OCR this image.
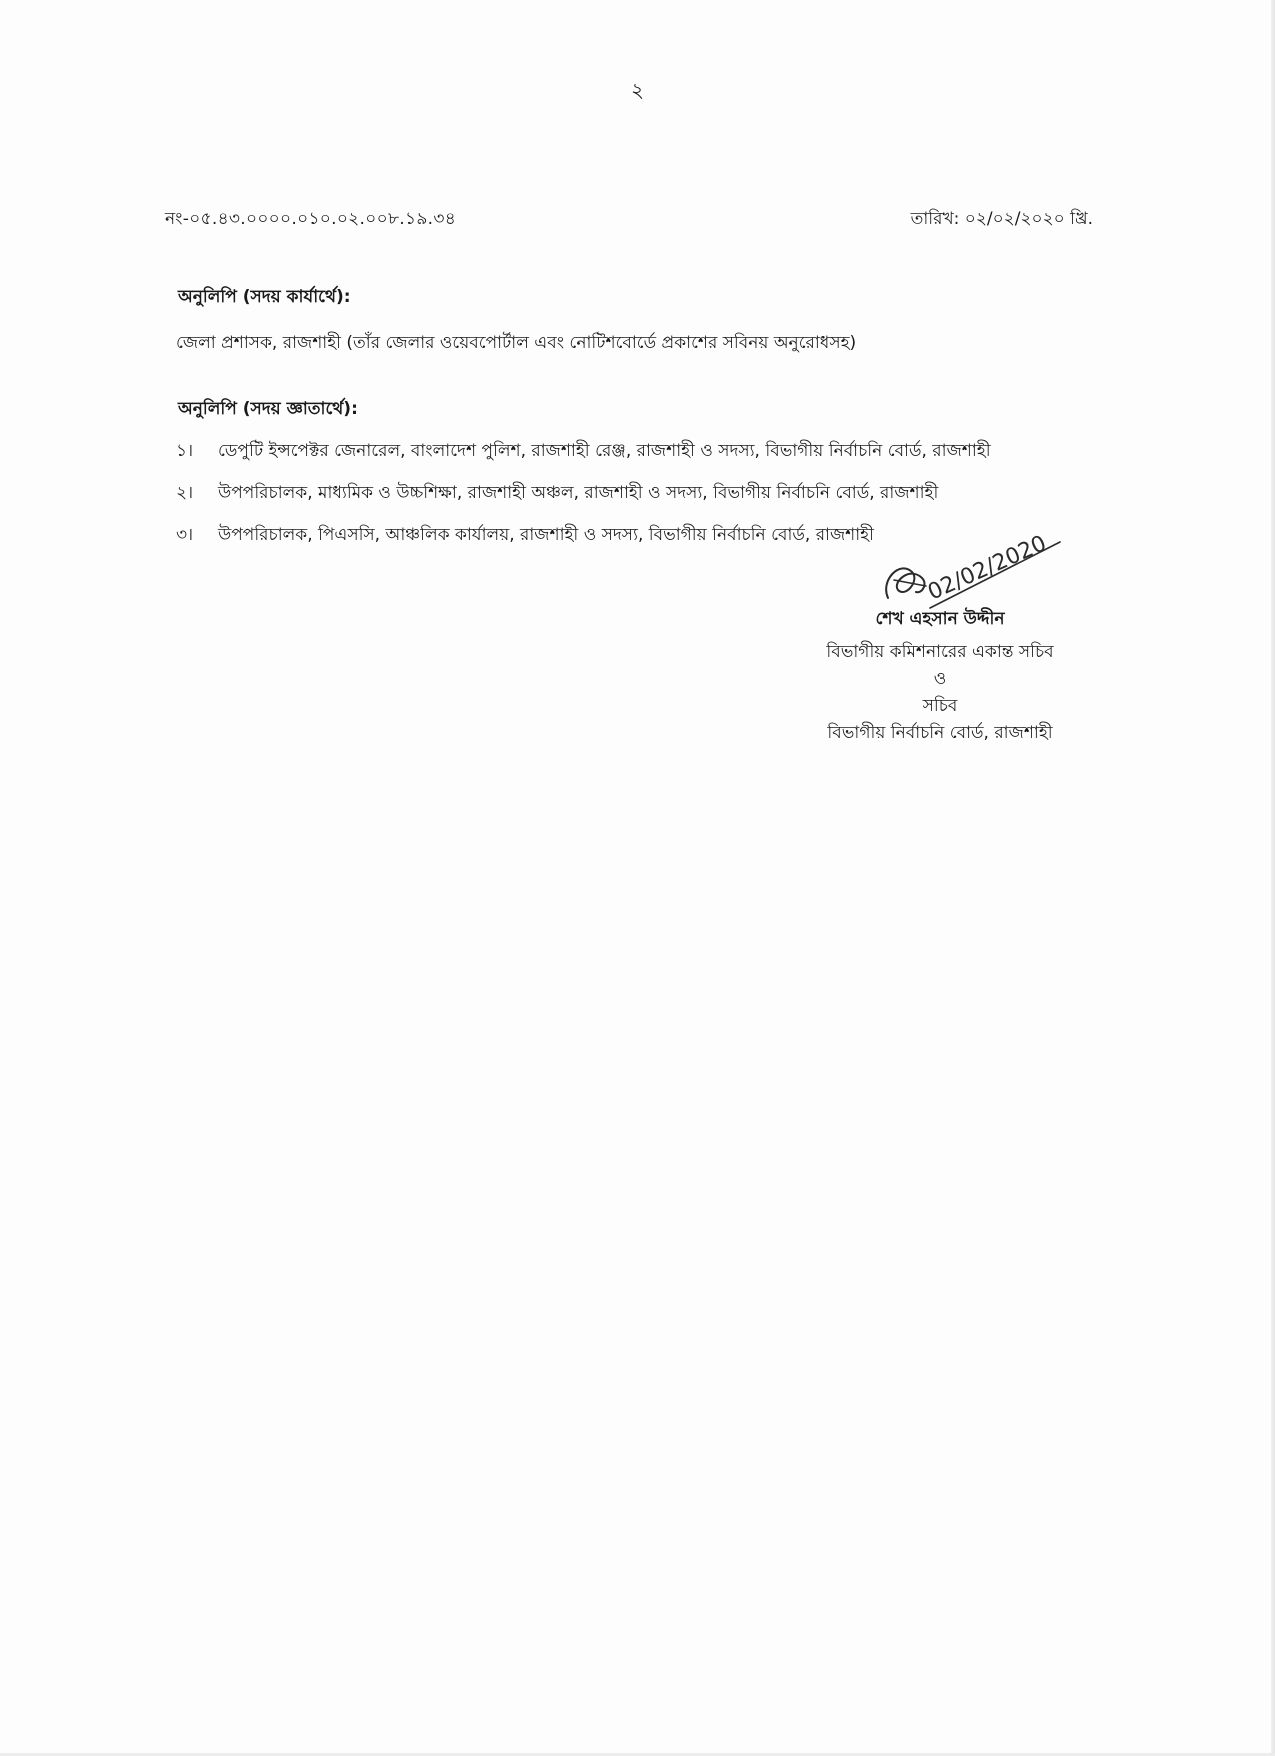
২
নং-০৫.৪৩.০০০০.০১০.০২.০০৮.১৯.৩৪	তারিখ: ০২/০২/২০২০ খ্রি.
অনুলিপি (সদয় কার্যার্থে):
জেলা প্রশাসক, রাজশাহী (তাঁর জেলার ওয়েবপোর্টাল এবং নোটিশবোর্ডে প্রকাশের সবিনয় অনুরোধসহ)
অনুলিপি (সদয় জ্ঞাতার্থে):
১। ডেপুটি ইন্সপেক্টর জেনারেল, বাংলাদেশ পুলিশ, রাজশাহী রেঞ্জ, রাজশাহী ও সদস্য, বিভাগীয় নির্বাচনি বোর্ড, রাজশাহী
২। উপপরিচালক, মাধ্যমিক ও উচ্চশিক্ষা, রাজশাহী অঞ্চল, রাজশাহী ও সদস্য, বিভাগীয় নির্বাচনি বোর্ড, রাজশাহী
৩। উপপরিচালক, পিএসসি, আঞ্চলিক কার্যালয়, রাজশাহী ও সদস্য, বিভাগীয় নির্বাচনি বোর্ড, রাজশাহী	02/02/2020
শেখ এহসান উদ্দীন
বিভাগীয় কমিশনারের একান্ত সচিব
ও
সচিব
বিভাগীয় নির্বাচনি বোর্ড, রাজশাহী
